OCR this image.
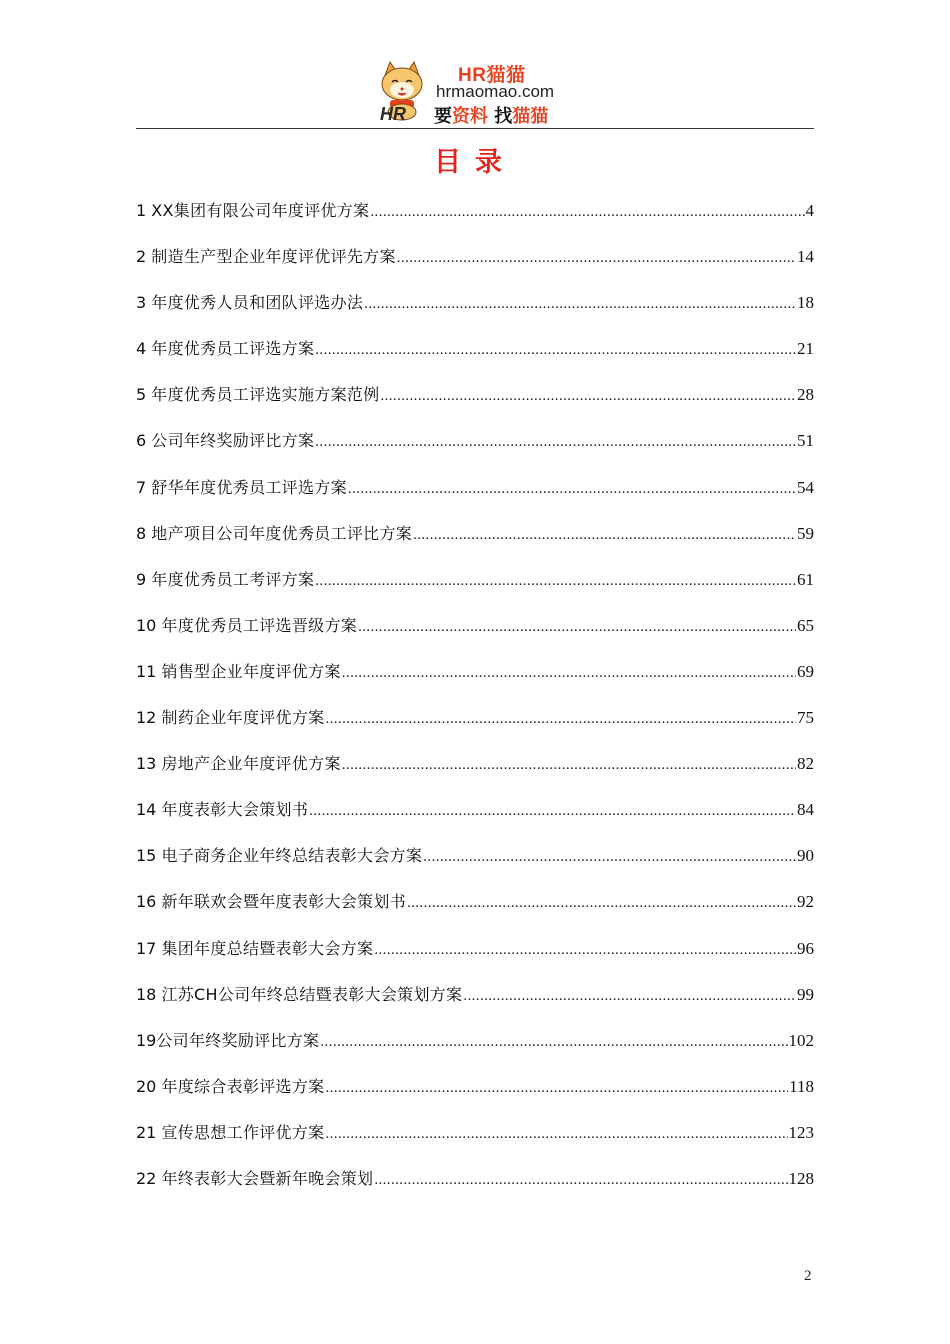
HR猫猫
hrmaomao.com
HR 要资料 找猫猫
目录
1 XX集团有限公司年度评优方案 .....	4
2 制造生产型企业年度评优评先方案 .....	14
3 年度优秀人员和团队评选办法 .....	18
4 年度优秀员工评选方案 .....	21
5 年度优秀员工评选实施方案范例 .....	28
6 公司年终奖励评比方案 .....	51
7 舒华年度优秀员工评选方案 .....	54
8 地产项目公司年度优秀员工评比方案 .....	59
9 年度优秀员工考评方案 .....	61
10 年度优秀员工评选晋级方案 .....	65
11 销售型企业年度评优方案 .....	69
12 制药企业年度评优方案 .....	75
13 房地产企业年度评优方案 .....	82
14 年度表彰大会策划书 .....	84
15 电子商务企业年终总结表彰大会方案 .....	90
16 新年联欢会暨年度表彰大会策划书 .....	92
17 集团年度总结暨表彰大会方案 .....	96
18 江苏CH公司年终总结暨表彰大会策划方案 .....	99
19 公司年终奖励评比方案 .....	102
20 年度综合表彰评选方案 .....	118
21 宣传思想工作评优方案 .....	123
22 年终表彰大会暨新年晚会策划 .....	128
2
